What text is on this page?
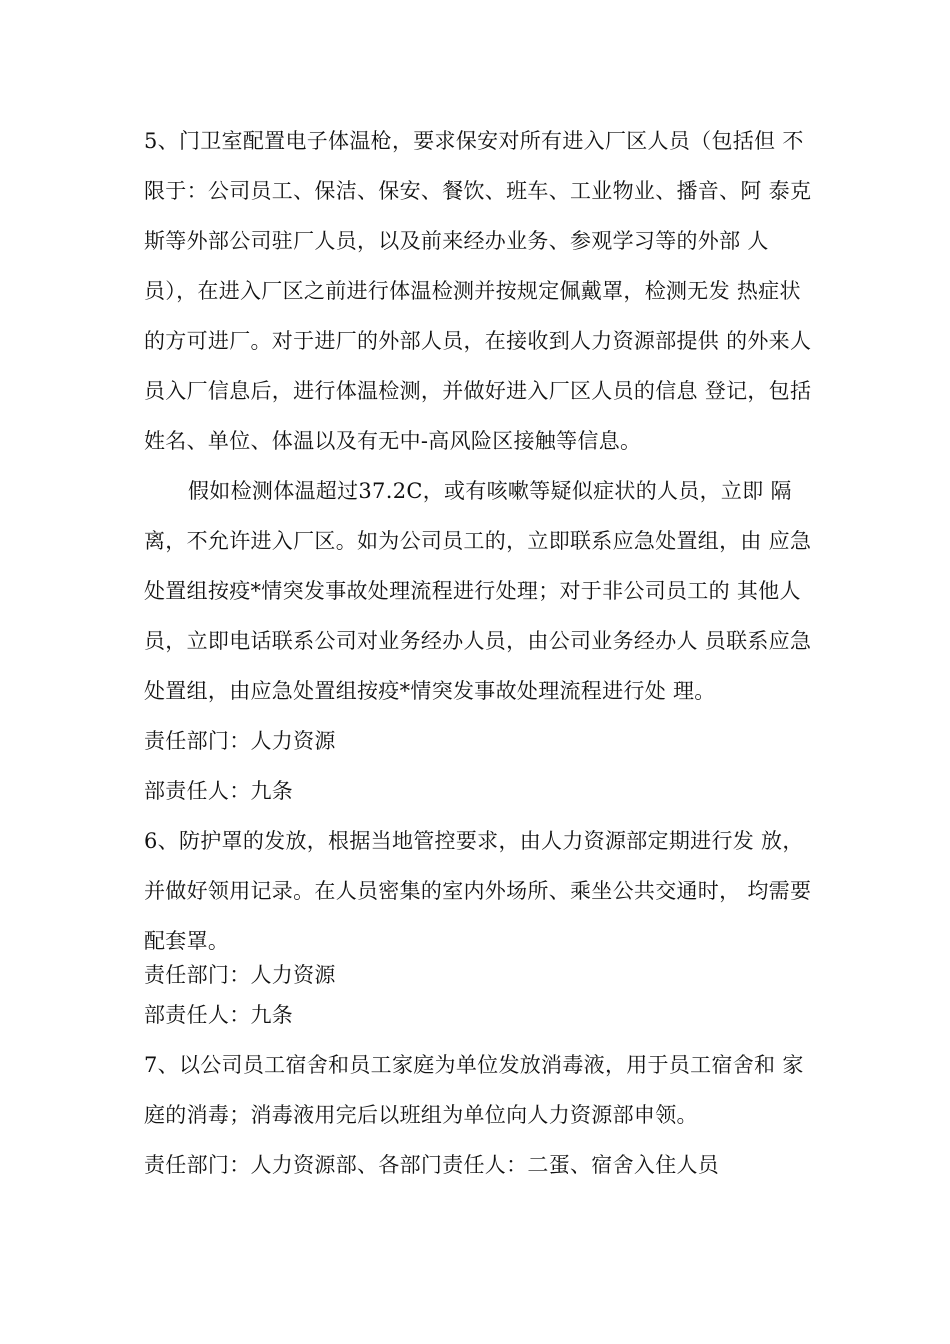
5、门卫室配置电子体温枪，要求保安对所有进入厂区人员（包括但 不
限于：公司员工、保洁、保安、餐饮、班车、工业物业、播音、阿 泰克
斯等外部公司驻厂人员，以及前来经办业务、参观学习等的外部 人
员），在进入厂区之前进行体温检测并按规定佩戴罩，检测无发 热症状
的方可进厂。对于进厂的外部人员，在接收到人力资源部提供 的外来人
员入厂信息后，进行体温检测，并做好进入厂区人员的信息 登记，包括
姓名、单位、体温以及有无中-高风险区接触等信息。
假如检测体温超过37.2C，或有咳嗽等疑似症状的人员，立即 隔
离，不允许进入厂区。如为公司员工的，立即联系应急处置组，由 应急
处置组按疫*情突发事故处理流程进行处理；对于非公司员工的 其他人
员，立即电话联系公司对业务经办人员，由公司业务经办人 员联系应急
处置组，由应急处置组按疫*情突发事故处理流程进行处 理。
责任部门：人力资源
部责任人：九条
6、防护罩的发放，根据当地管控要求，由人力资源部定期进行发 放，
并做好领用记录。在人员密集的室内外场所、乘坐公共交通时， 均需要
配套罩。
责任部门：人力资源
部责任人：九条
7、以公司员工宿舍和员工家庭为单位发放消毒液，用于员工宿舍和 家
庭的消毒；消毒液用完后以班组为单位向人力资源部申领。
责任部门：人力资源部、各部门责任人：二蛋、宿舍入住人员
